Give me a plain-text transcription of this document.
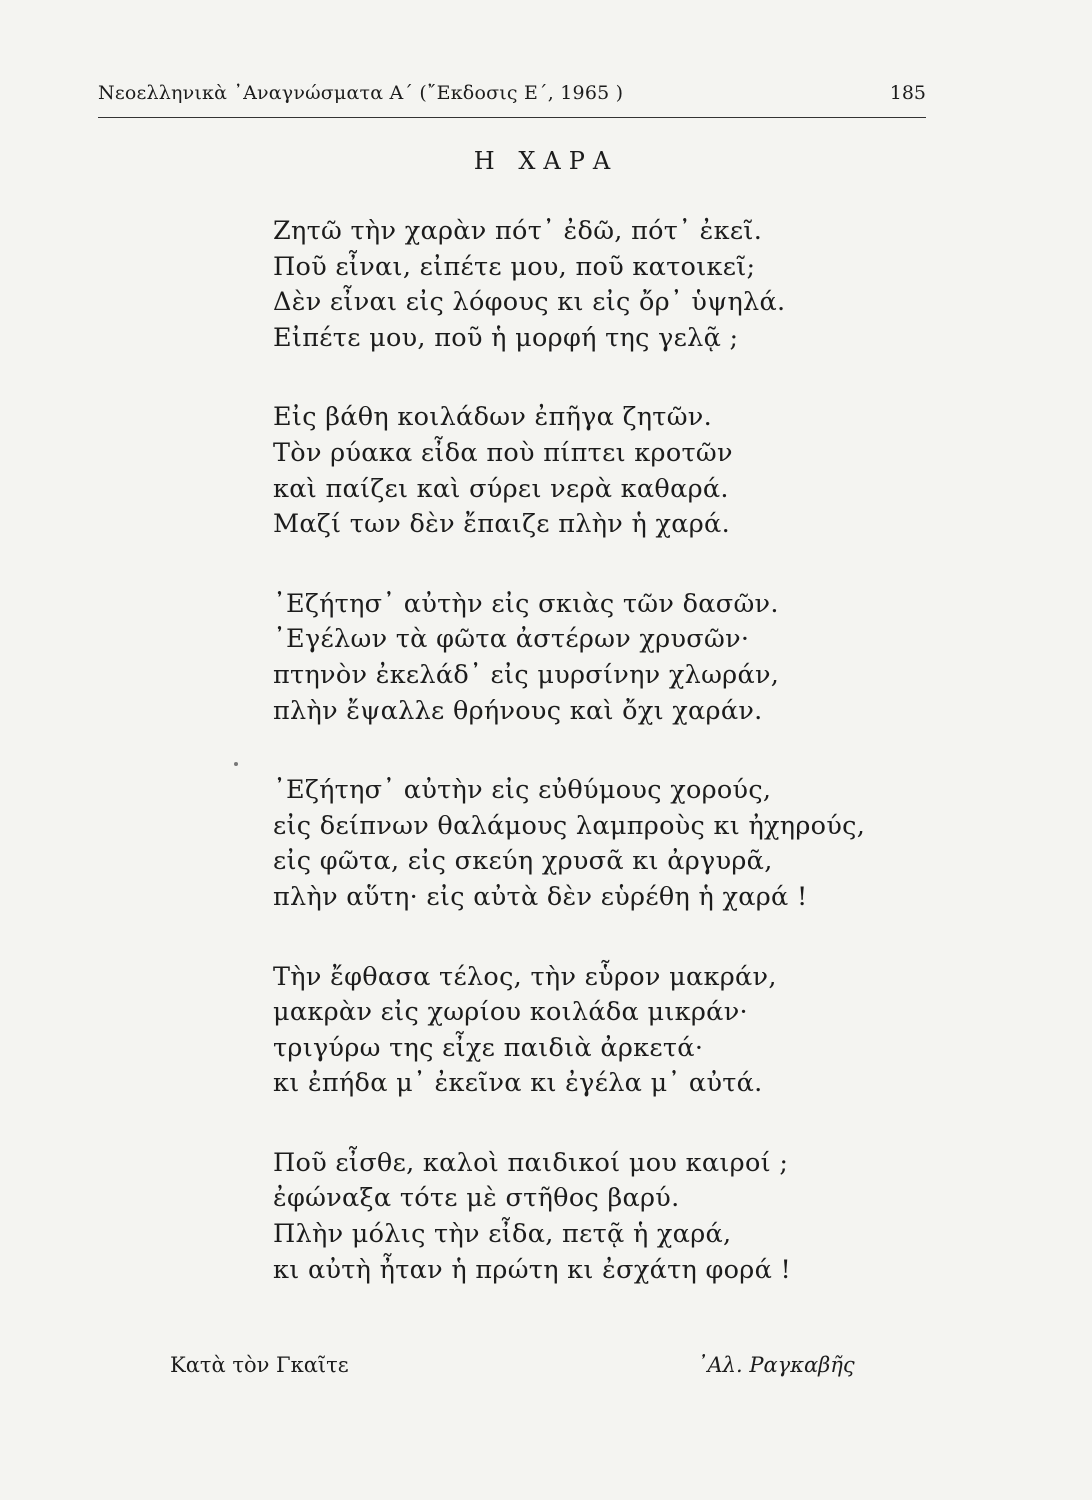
Νεοελληνικὰ ᾿Αναγνώσματα Α΄ (῎Εκδοσις Ε΄, 1965 )	185
Η ΧΑΡΑ
Ζητῶ τὴν χαρὰν πότ᾿ ἐδῶ, πότ᾿ ἐκεῖ.
Ποῦ εἶναι, εἰπέτε μου, ποῦ κατοικεῖ;
Δὲν εἶναι εἰς λόφους κι εἰς ὄρ᾿ ὑψηλά.
Εἰπέτε μου, ποῦ ἡ μορφή της γελᾷ ;
Εἰς βάθη κοιλάδων ἐπῆγα ζητῶν.
Τὸν ρύακα εἶδα ποὺ πίπτει κροτῶν
καὶ παίζει καὶ σύρει νερὰ καθαρά.
Μαζί των δὲν ἔπαιζε πλὴν ἡ χαρά.
᾿Εζήτησ᾿ αὐτὴν εἰς σκιὰς τῶν δασῶν.
᾿Εγέλων τὰ φῶτα ἀστέρων χρυσῶν·
πτηνὸν ἐκελάδ᾿ εἰς μυρσίνην χλωράν,
πλὴν ἔψαλλε θρήνους καὶ ὄχι χαράν.
᾿Εζήτησ᾿ αὐτὴν εἰς εὐθύμους χορούς,
εἰς δείπνων θαλάμους λαμπροὺς κι ἠχηρούς,
εἰς φῶτα, εἰς σκεύη χρυσᾶ κι ἀργυρᾶ,
πλὴν αὕτη· εἰς αὐτὰ δὲν εὑρέθη ἡ χαρά !
Τὴν ἔφθασα τέλος, τὴν εὗρον μακράν,
μακρὰν εἰς χωρίου κοιλάδα μικράν·
τριγύρω της εἶχε παιδιὰ ἀρκετά·
κι ἐπήδα μ᾿ ἐκεῖνα κι ἐγέλα μ᾿ αὐτά.
Ποῦ εἶσθε, καλοὶ παιδικοί μου καιροί ;
ἐφώναξα τότε μὲ στῆθος βαρύ.
Πλὴν μόλις τὴν εἶδα, πετᾷ ἡ χαρά,
κι αὐτὴ ἦταν ἡ πρώτη κι ἐσχάτη φορά !
Κατὰ τὸν Γκαῖτε	᾿Αλ. Ραγκαβῆς
